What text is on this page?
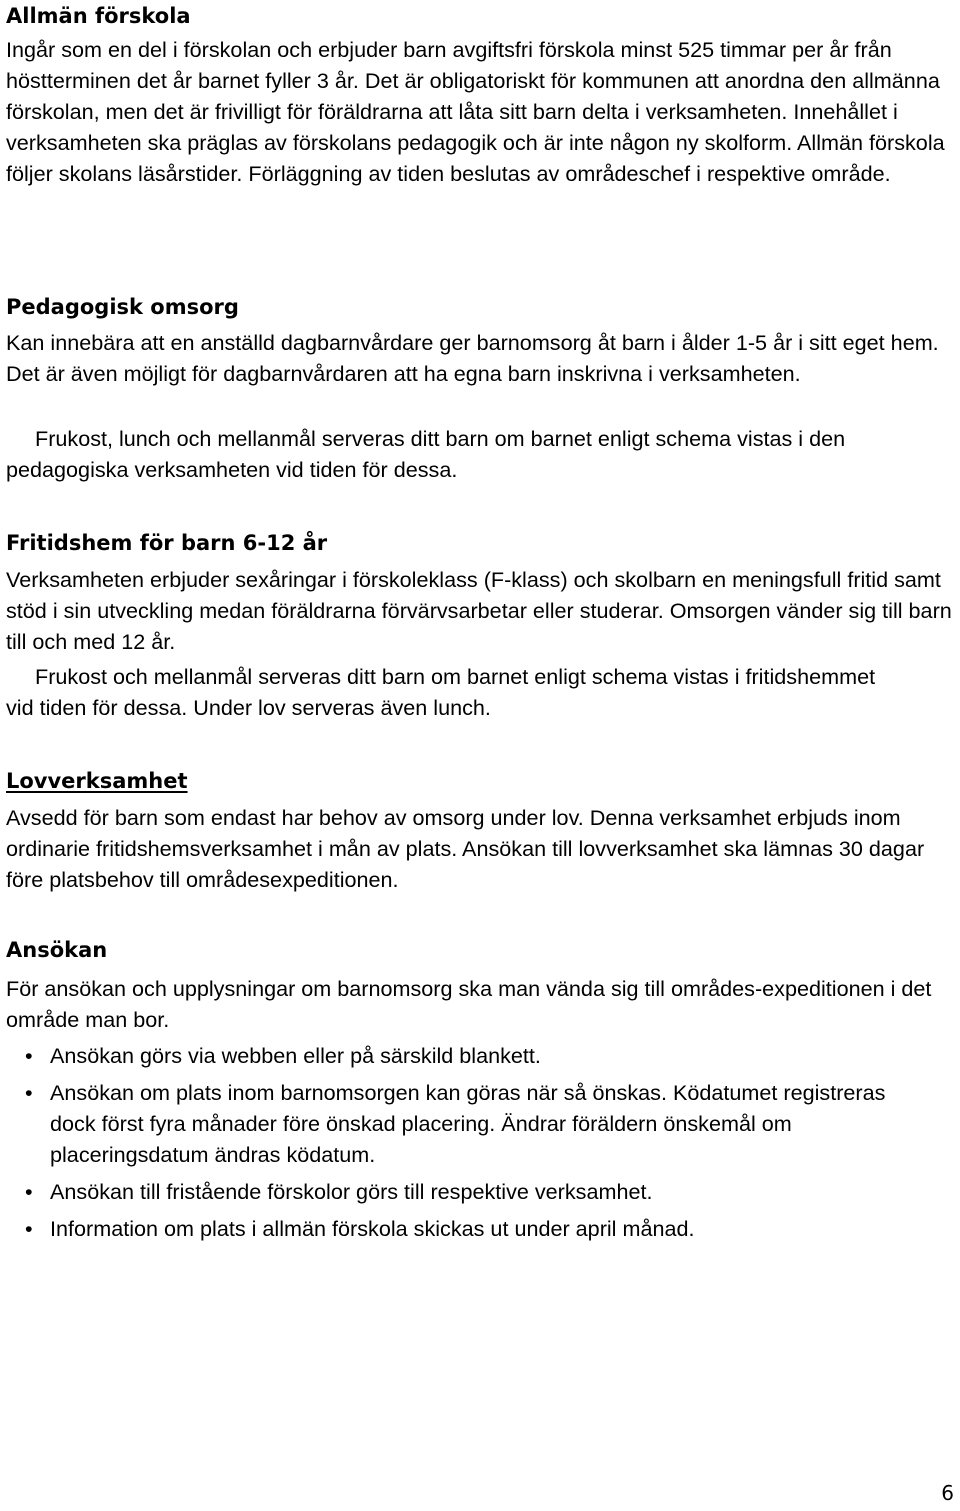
Allmän förskola

Ingår som en del i förskolan och erbjuder barn avgiftsfri förskola minst 525 timmar per år från höstterminen det år barnet fyller 3 år. Det är obligatoriskt för kommunen att anordna den allmänna förskolan, men det är frivilligt för föräldrarna att låta sitt barn delta i verksamheten. Innehållet i verksamheten ska präglas av förskolans pedagogik och är inte någon ny skolform. Allmän förskola följer skolans läsårstider. Förläggning av tiden beslutas av områdeschef i respektive område.

Pedagogisk omsorg

Kan innebära att en anställd dagbarnvårdare ger barnomsorg åt barn i ålder 1-5 år i sitt eget hem. Det är även möjligt för dagbarnvårdaren att ha egna barn inskrivna i verksamheten.

Frukost, lunch och mellanmål serveras ditt barn om barnet enligt schema vistas i den pedagogiska verksamheten vid tiden för dessa.

Fritidshem för barn 6-12 år

Verksamheten erbjuder sexåringar i förskoleklass (F-klass) och skolbarn en meningsfull fritid samt stöd i sin utveckling medan föräldrarna förvärvsarbetar eller studerar. Omsorgen vänder sig till barn till och med 12 år.

Frukost och mellanmål serveras ditt barn om barnet enligt schema vistas i fritidshemmet vid tiden för dessa. Under lov serveras även lunch.

Lovverksamhet

Avsedd för barn som endast har behov av omsorg under lov. Denna verksamhet erbjuds inom ordinarie fritidshemsverksamhet i mån av plats. Ansökan till lovverksamhet ska lämnas 30 dagar före platsbehov till områdesexpeditionen.

Ansökan

För ansökan och upplysningar om barnomsorg ska man vända sig till områdes-expeditionen i det område man bor.

• Ansökan görs via webben eller på särskild blankett.
• Ansökan om plats inom barnomsorgen kan göras när så önskas. Ködatumet registreras dock först fyra månader före önskad placering. Ändrar föräldern önskemål om placeringsdatum ändras ködatum.
• Ansökan till fristående förskolor görs till respektive verksamhet.
• Information om plats i allmän förskola skickas ut under april månad.
6
